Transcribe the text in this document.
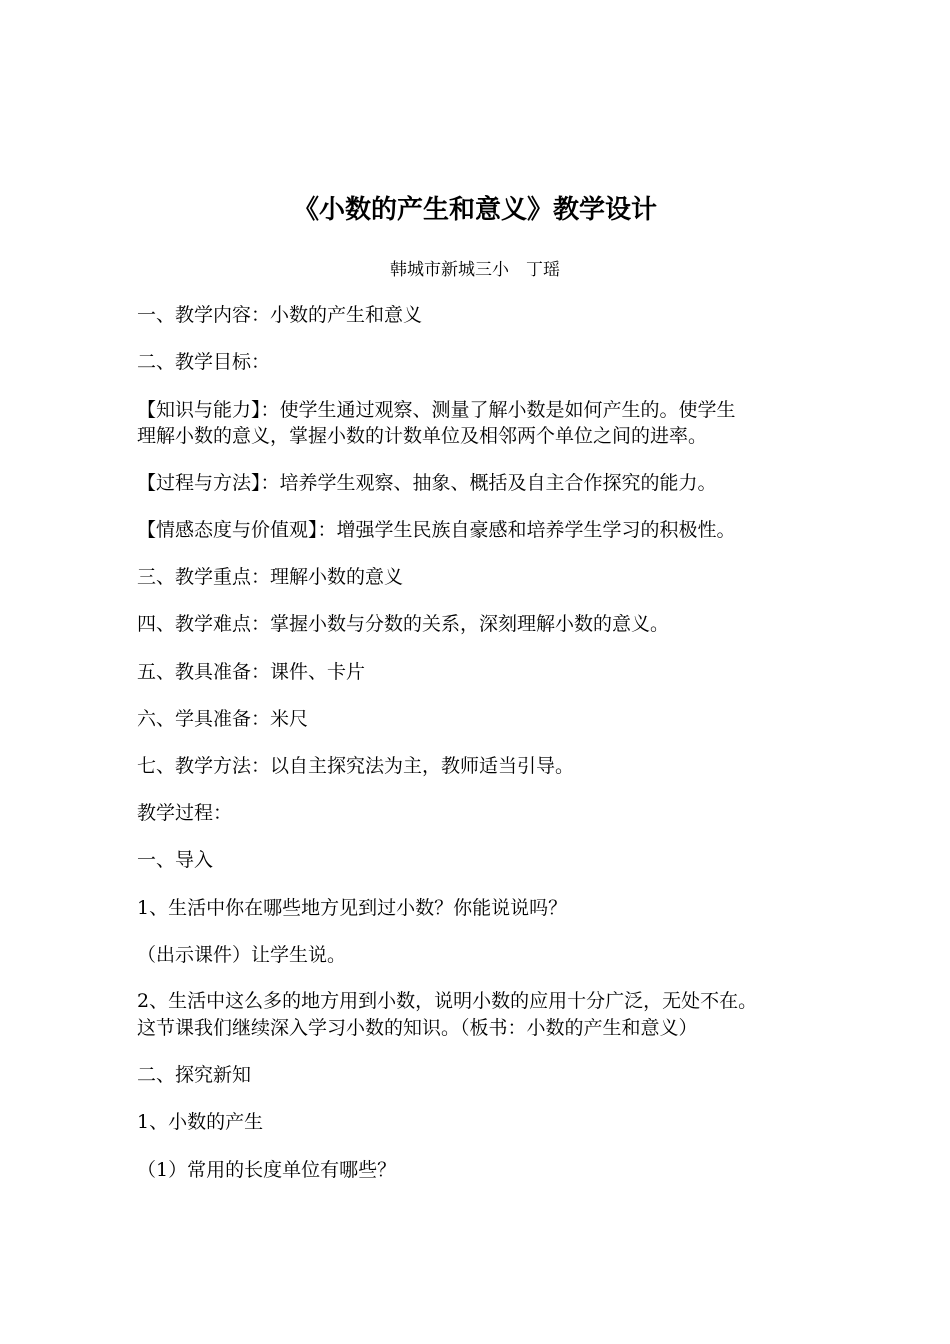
《小数的产生和意义》教学设计
韩城市新城三小　丁瑶
一、教学内容：小数的产生和意义
二、教学目标：
【知识与能力】：使学生通过观察、测量了解小数是如何产生的。使学生
理解小数的意义，掌握小数的计数单位及相邻两个单位之间的进率。
【过程与方法】：培养学生观察、抽象、概括及自主合作探究的能力。
【情感态度与价值观】：增强学生民族自豪感和培养学生学习的积极性。
三、教学重点：理解小数的意义
四、教学难点：掌握小数与分数的关系，深刻理解小数的意义。
五、教具准备：课件、卡片
六、学具准备：米尺
七、教学方法：以自主探究法为主，教师适当引导。
教学过程：
一、导入
1、生活中你在哪些地方见到过小数？你能说说吗？
（出示课件）让学生说。
2、生活中这么多的地方用到小数，说明小数的应用十分广泛，无处不在。
这节课我们继续深入学习小数的知识。（板书：小数的产生和意义）
二、探究新知
1、小数的产生
（1）常用的长度单位有哪些？
